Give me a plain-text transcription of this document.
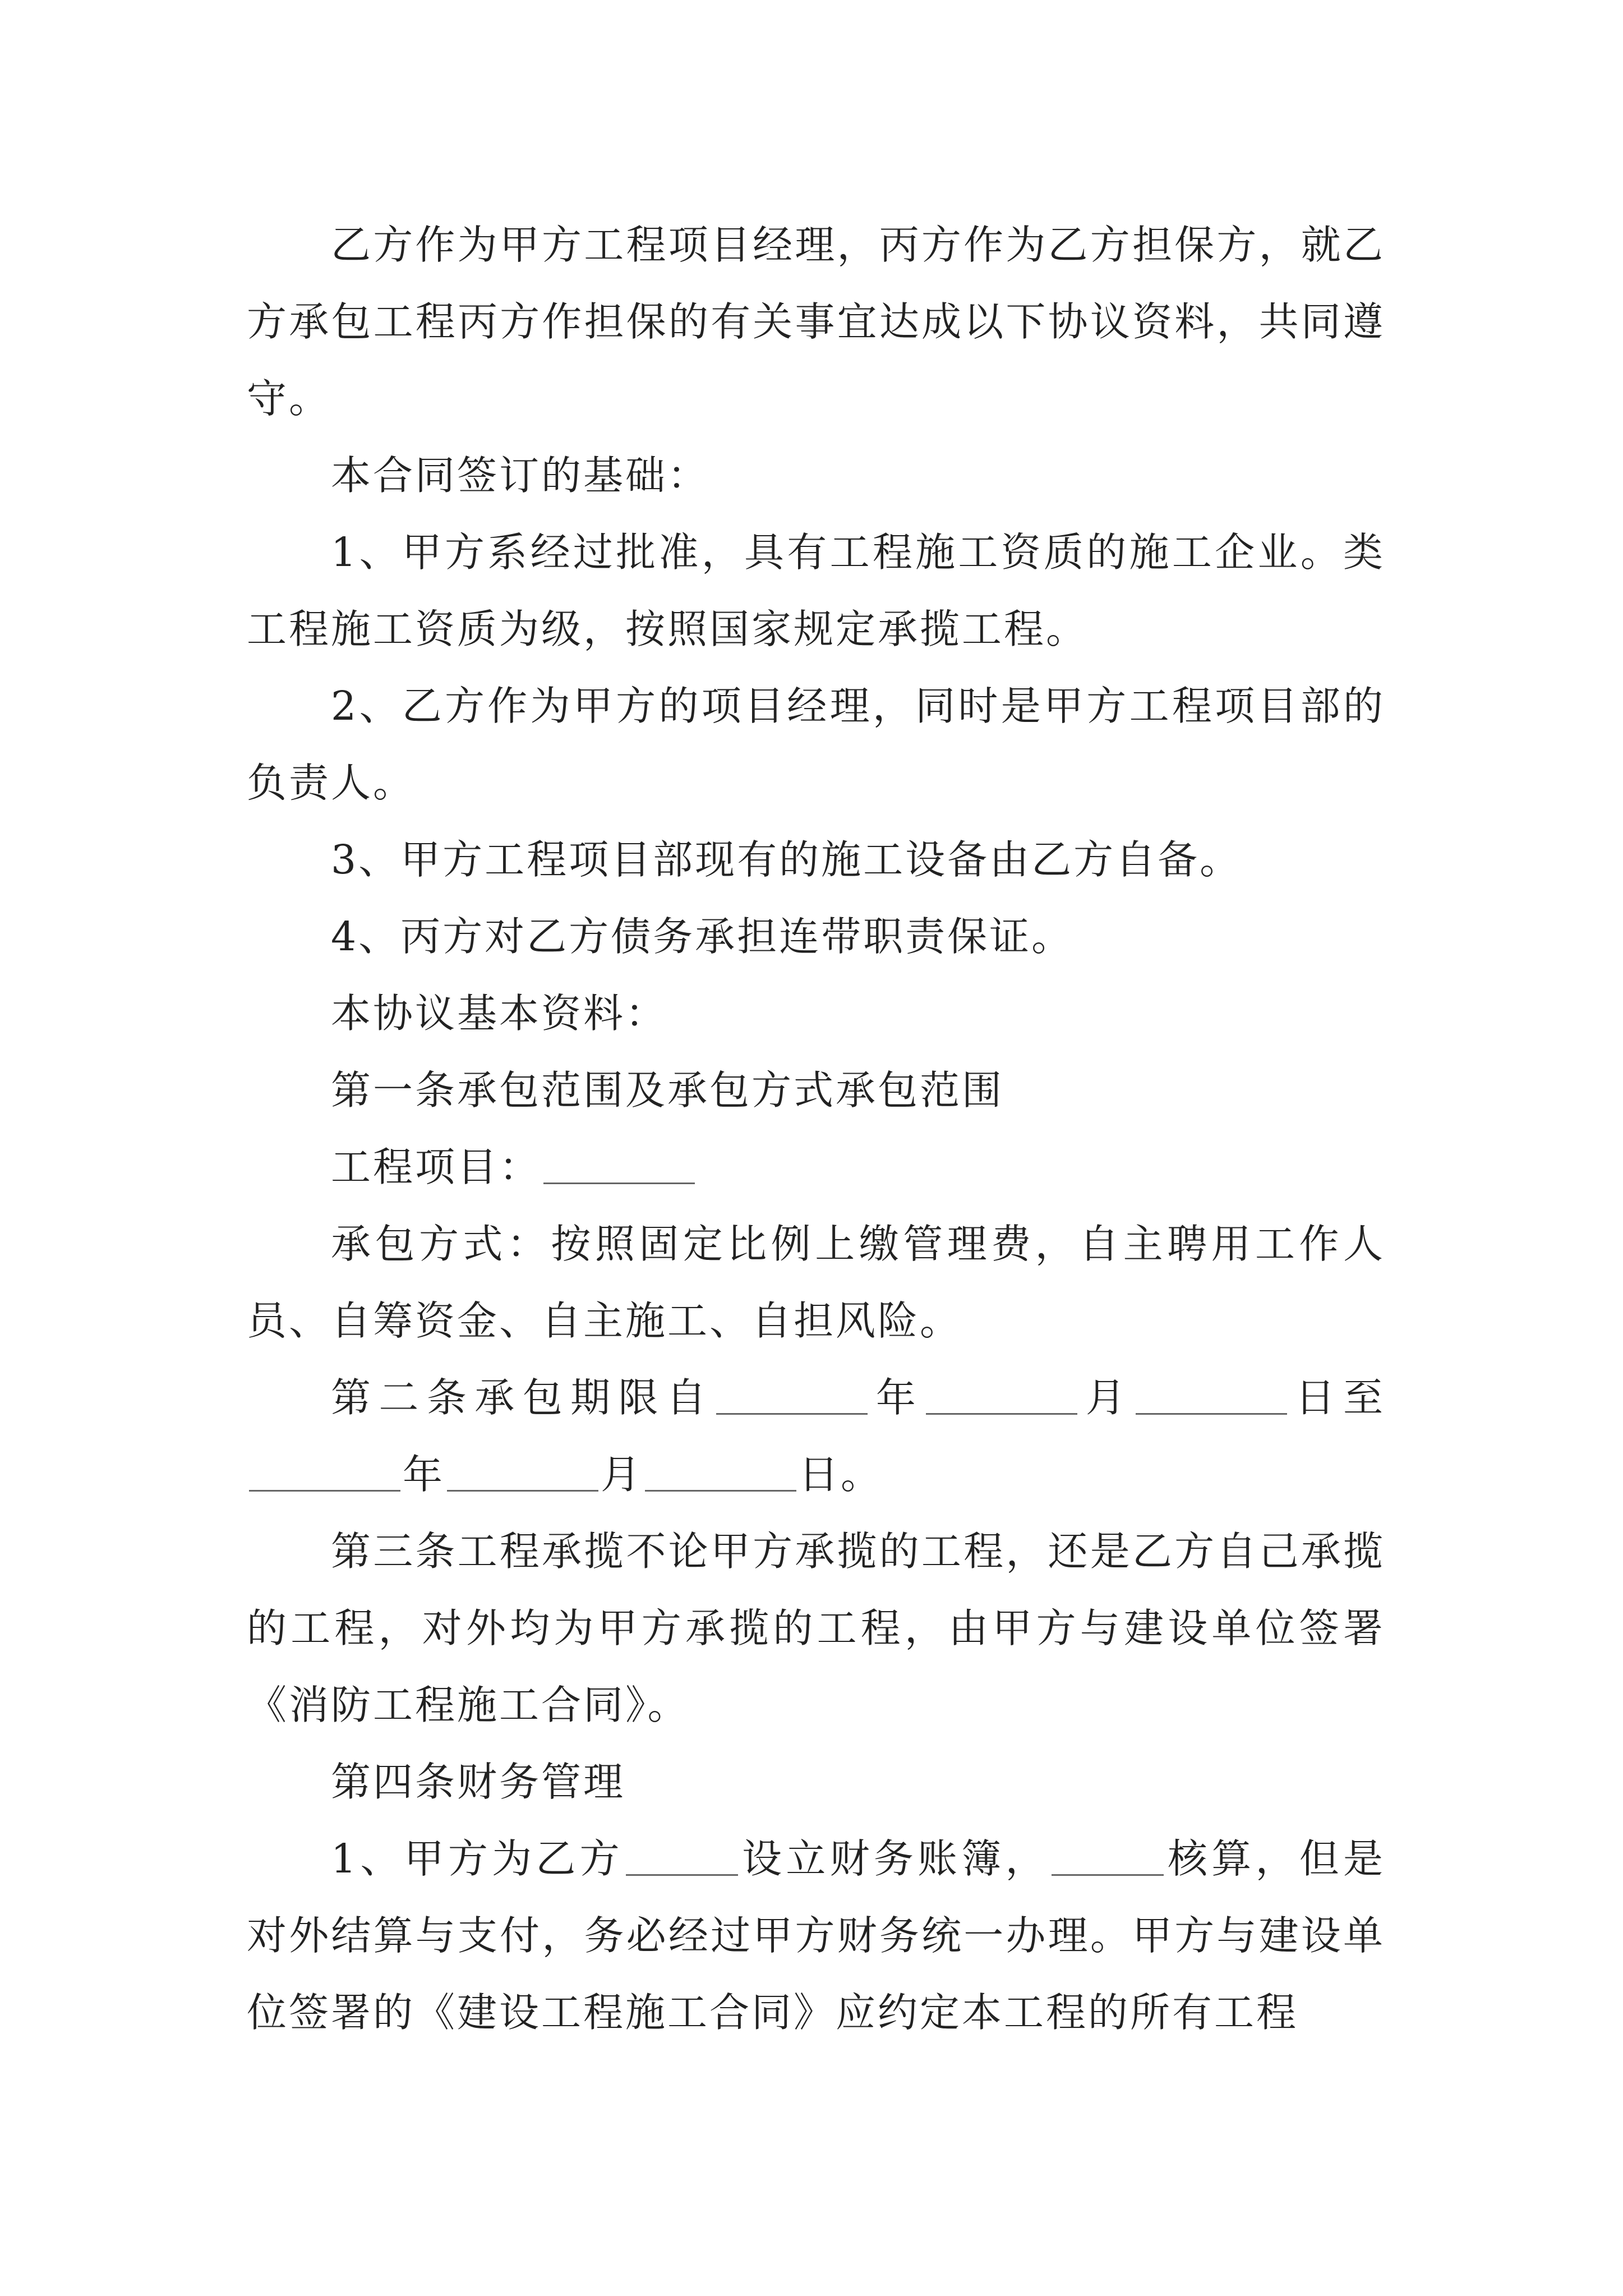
乙方作为甲方工程项目经理，丙方作为乙方担保方，就乙方承包工程丙方作担保的有关事宜达成以下协议资料，共同遵守。

本合同签订的基础：

1、甲方系经过批准，具有工程施工资质的施工企业。类工程施工资质为级，按照国家规定承揽工程。

2、乙方作为甲方的项目经理，同时是甲方工程项目部的负责人。

3、甲方工程项目部现有的施工设备由乙方自备。

4、丙方对乙方债务承担连带职责保证。

本协议基本资料：

第一条承包范围及承包方式承包范围

工程项目：

承包方式：按照固定比例上缴管理费，自主聘用工作人员、自筹资金、自主施工、自担风险。

第二条承包期限自	年	月	日至年	月	日。

第三条工程承揽不论甲方承揽的工程，还是乙方自己承揽的工程，对外均为甲方承揽的工程，由甲方与建设单位签署《消防工程施工合同》。

第四条财务管理

1、甲方为乙方	设立财务账簿，	核算，但是对外结算与支付，务必经过甲方财务统一办理。甲方与建设单位签署的《建设工程施工合同》应约定本工程的所有工程
